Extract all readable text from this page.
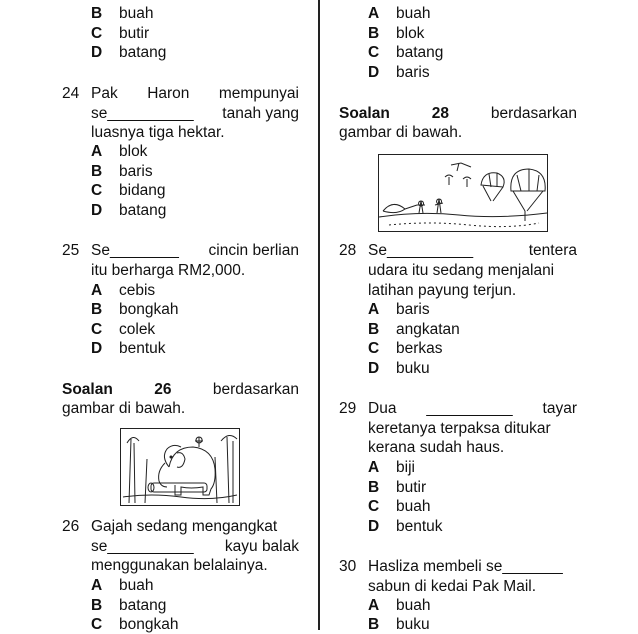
B buah
C butir
D batang
24 Pak Haron mempunyai
se__________ tanah yang
luasnya tiga hektar.
A blok
B baris
C bidang
D batang
25 Se________ cincin berlian
itu berharga RM2,000.
A cebis
B bongkah
C colek
D bentuk
Soalan	26	berdasarkan
gambar di bawah.
26 Gajah sedang mengangkat
se__________ kayu balak
menggunakan belalainya.
A buah
B batang
C bongkah
A buah
B blok
C batang
D baris
Soalan	28	berdasarkan
gambar di bawah.
28 Se__________	tentera
udara itu sedang menjalani
latihan payung terjun.
A baris
B angkatan
C berkas
D buku
29 Dua __________ tayar
keretanya terpaksa ditukar
kerana sudah haus.
A biji
B butir
C buah
D bentuk
30 Hasliza membeli se_______
sabun di kedai Pak Mail.
A buah
B buku
